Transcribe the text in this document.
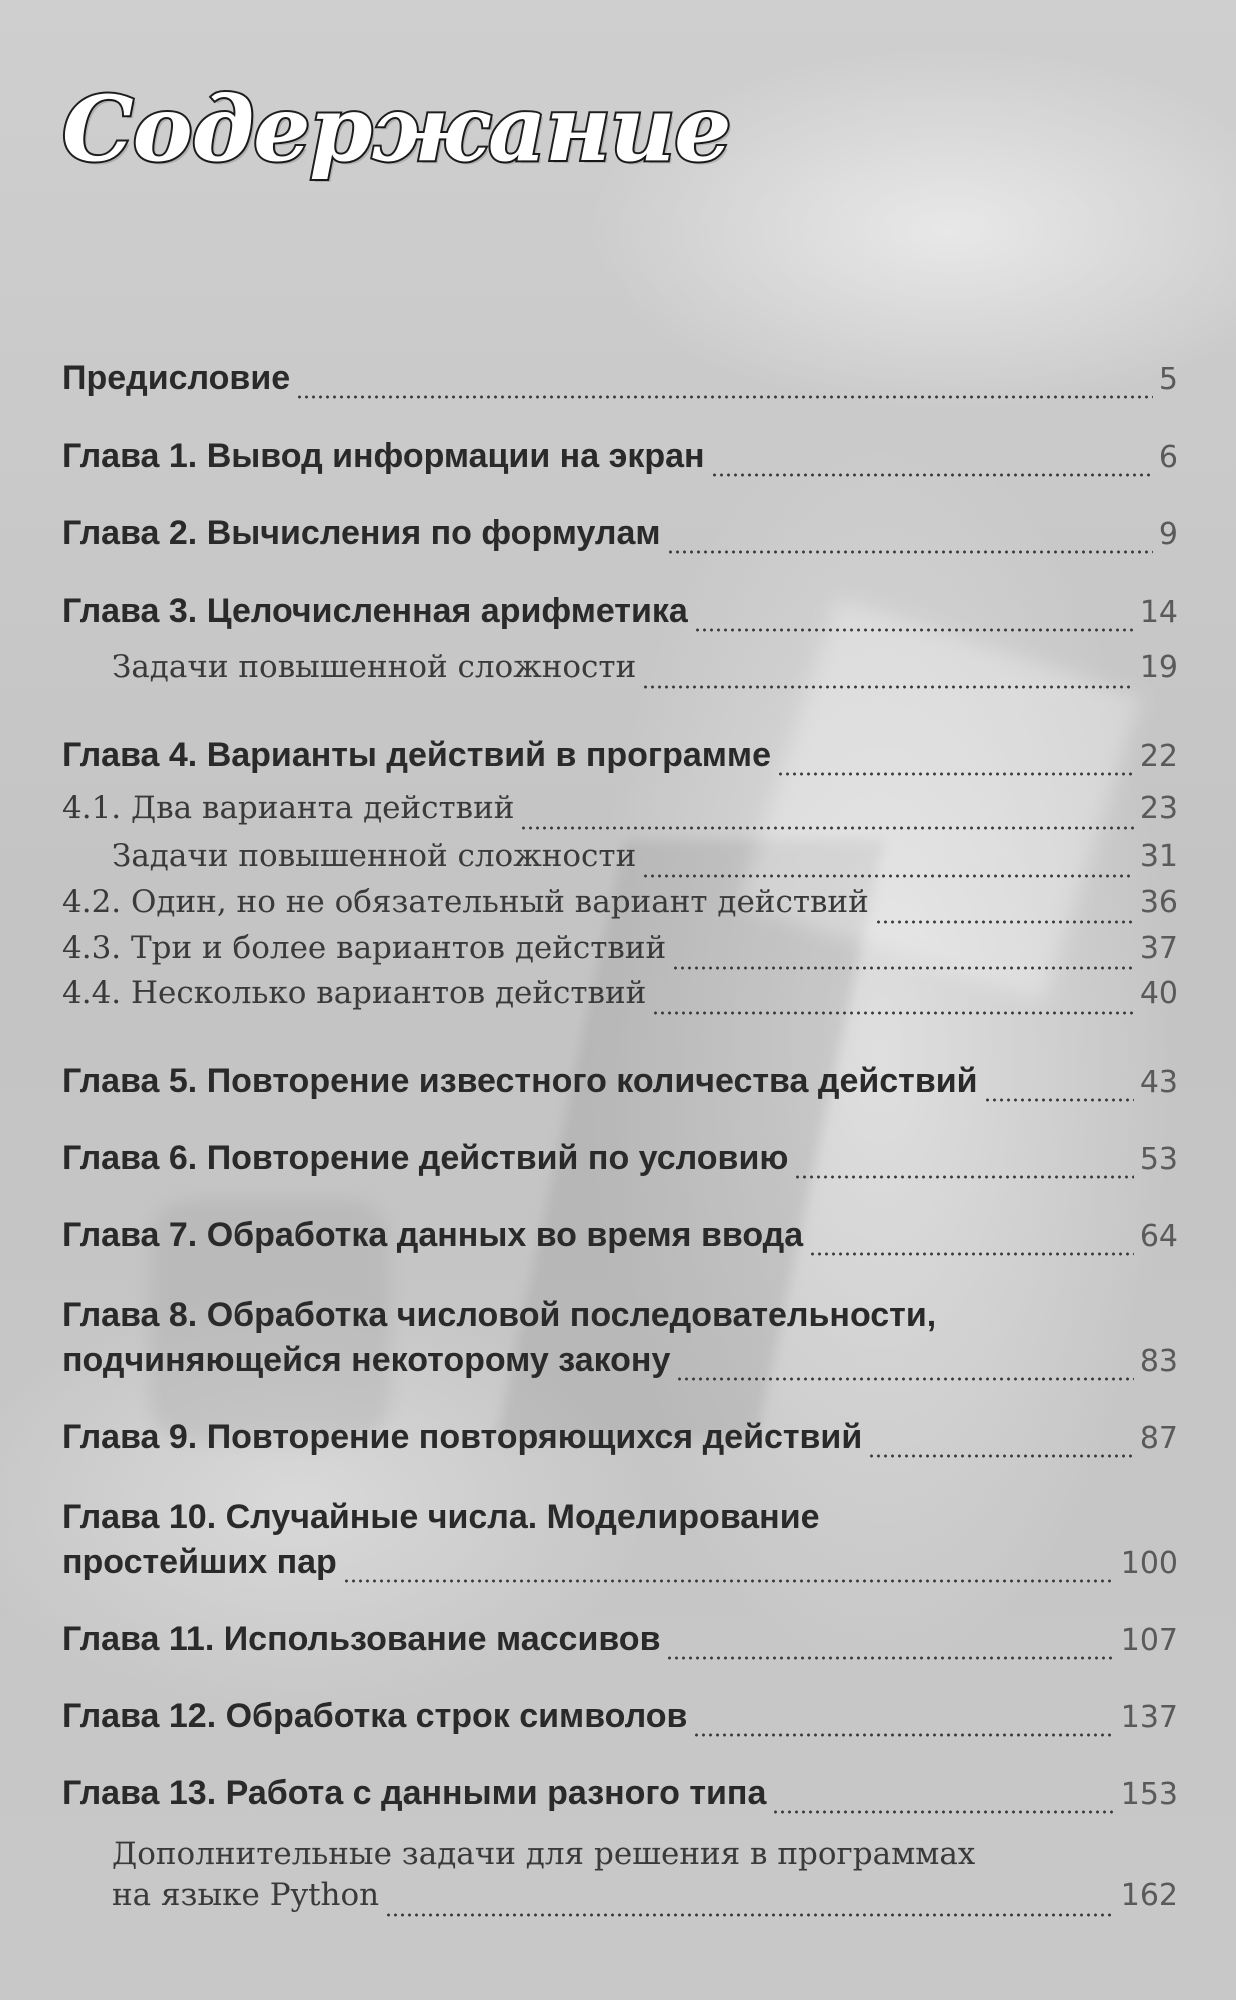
Содержание
Предисловие	5
Глава 1. Вывод информации на экран	6
Глава 2. Вычисления по формулам	9
Глава 3. Целочисленная арифметика	14
Задачи повышенной сложности	19
Глава 4. Варианты действий в программе	22
4.1. Два варианта действий	23
Задачи повышенной сложности	31
4.2. Один, но не обязательный вариант действий	36
4.3. Три и более вариантов действий	37
4.4. Несколько вариантов действий	40
Глава 5. Повторение известного количества действий	43
Глава 6. Повторение действий по условию	53
Глава 7. Обработка данных во время ввода	64
Глава 8. Обработка числовой последовательности,
подчиняющейся некоторому закону	83
Глава 9. Повторение повторяющихся действий	87
Глава 10. Случайные числа. Моделирование
простейших пар	100
Глава 11. Использование массивов	107
Глава 12. Обработка строк символов	137
Глава 13. Работа с данными разного типа	153
Дополнительные задачи для решения в программах
на языке Python	162
